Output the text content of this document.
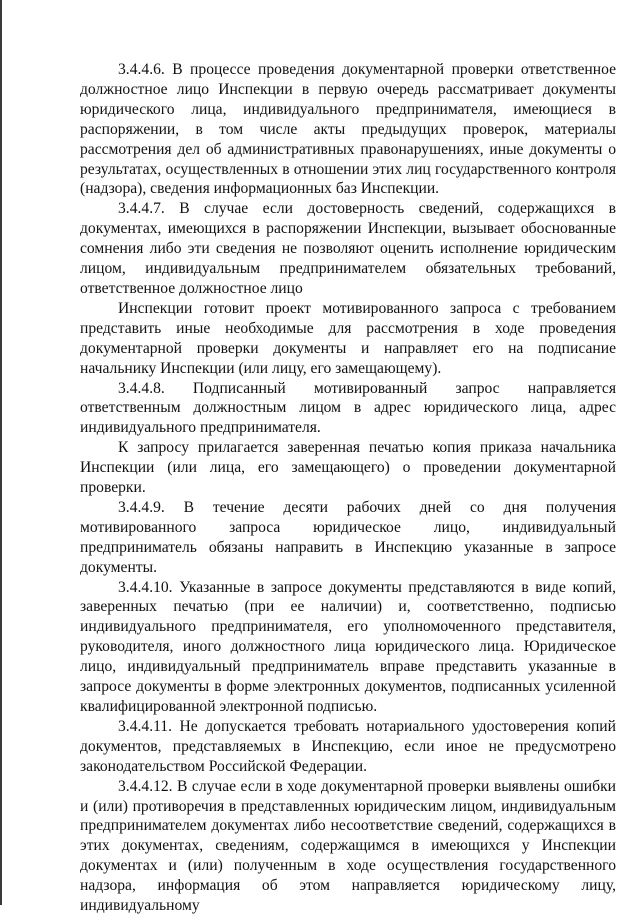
3.4.4.6. В процессе проведения документарной проверки ответственное должностное лицо Инспекции в первую очередь рассматривает документы юридического лица, индивидуального предпринимателя, имеющиеся в распоряжении, в том числе акты предыдущих проверок, материалы рассмотрения дел об административных правонарушениях, иные документы о результатах, осуществленных в отношении этих лиц государственного контроля (надзора), сведения информационных баз Инспекции.

3.4.4.7. В случае если достоверность сведений, содержащихся в документах, имеющихся в распоряжении Инспекции, вызывает обоснованные сомнения либо эти сведения не позволяют оценить исполнение юридическим лицом, индивидуальным предпринимателем обязательных требований, ответственное должностное лицо

Инспекции готовит проект мотивированного запроса с требованием представить иные необходимые для рассмотрения в ходе проведения документарной проверки документы и направляет его на подписание начальнику Инспекции (или лицу, его замещающему).

3.4.4.8. Подписанный мотивированный запрос направляется ответственным должностным лицом в адрес юридического лица, адрес индивидуального предпринимателя.

К запросу прилагается заверенная печатью копия приказа начальника Инспекции (или лица, его замещающего) о проведении документарной проверки.

3.4.4.9. В течение десяти рабочих дней со дня получения мотивированного запроса юридическое лицо, индивидуальный предприниматель обязаны направить в Инспекцию указанные в запросе документы.

3.4.4.10. Указанные в запросе документы представляются в виде копий, заверенных печатью (при ее наличии) и, соответственно, подписью индивидуального предпринимателя, его уполномоченного представителя, руководителя, иного должностного лица юридического лица. Юридическое лицо, индивидуальный предприниматель вправе представить указанные в запросе документы в форме электронных документов, подписанных усиленной квалифицированной электронной подписью.

3.4.4.11. Не допускается требовать нотариального удостоверения копий документов, представляемых в Инспекцию, если иное не предусмотрено законодательством Российской Федерации.

3.4.4.12. В случае если в ходе документарной проверки выявлены ошибки и (или) противоречия в представленных юридическим лицом, индивидуальным предпринимателем документах либо несоответствие сведений, содержащихся в этих документах, сведениям, содержащимся в имеющихся у Инспекции документах и (или) полученным в ходе осуществления государственного надзора, информация об этом направляется юридическому лицу, индивидуальному
